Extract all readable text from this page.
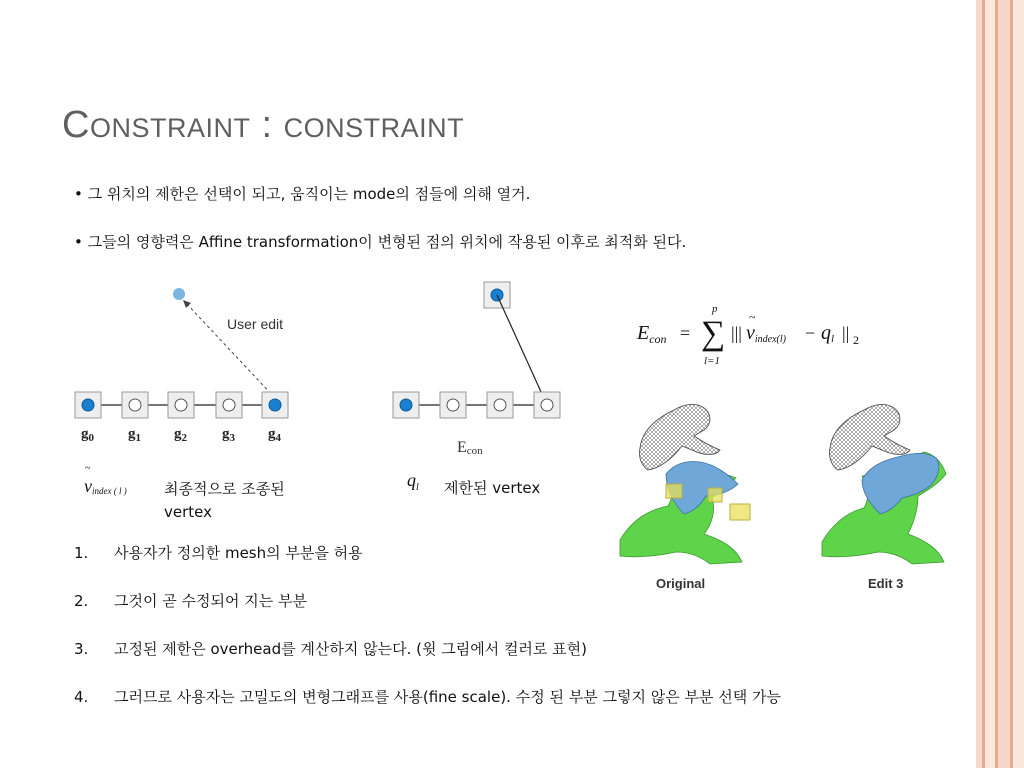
Constraint : constraint
• 그 위치의 제한은 선택이 되고, 움직이는 mode의 점들에 의해 열거.
• 그들의 영향력은 Affine transformation이 변형된 점의 위치에 작용된 이후로 최적화 된다.
User edit
$g_0$ $g_1$ $g_2$ $g_3$ $g_4$
Econ
$E_{con}$ = ∑
p
l=1
|||
~
vindex(l) − ql || 2
~
vindex ( l ) 최종적으로 조종된
vertex
$q_l$ 제한된 vertex
Original	Edit 3
1. 사용자가 정의한 mesh의 부분을 허용
2. 그것이 곧 수정되어 지는 부분
3. 고정된 제한은 overhead를 계산하지 않는다. (윗 그림에서 컬러로 표현)
4. 그러므로 사용자는 고밀도의 변형그래프를 사용(fine scale). 수정 된 부분 그렇지 않은 부분 선택 가능
